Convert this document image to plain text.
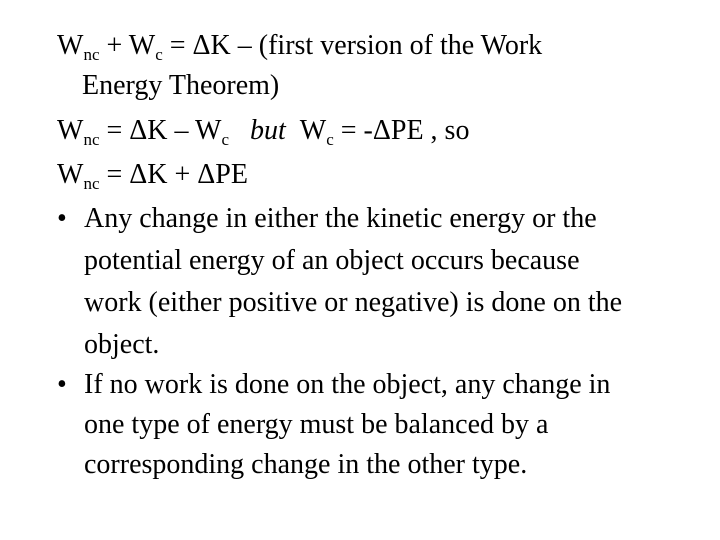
$W_{nc} + W_c = \Delta K$ – (first version of the Work
Energy Theorem)
$W_{nc} = \Delta K - W_c$ but $W_c = -\Delta PE$ , so
$W_{nc} = \Delta K + \Delta PE$
• Any change in either the kinetic energy or the
potential energy of an object occurs because
work (either positive or negative) is done on the
object.
• If no work is done on the object, any change in
one type of energy must be balanced by a
corresponding change in the other type.
